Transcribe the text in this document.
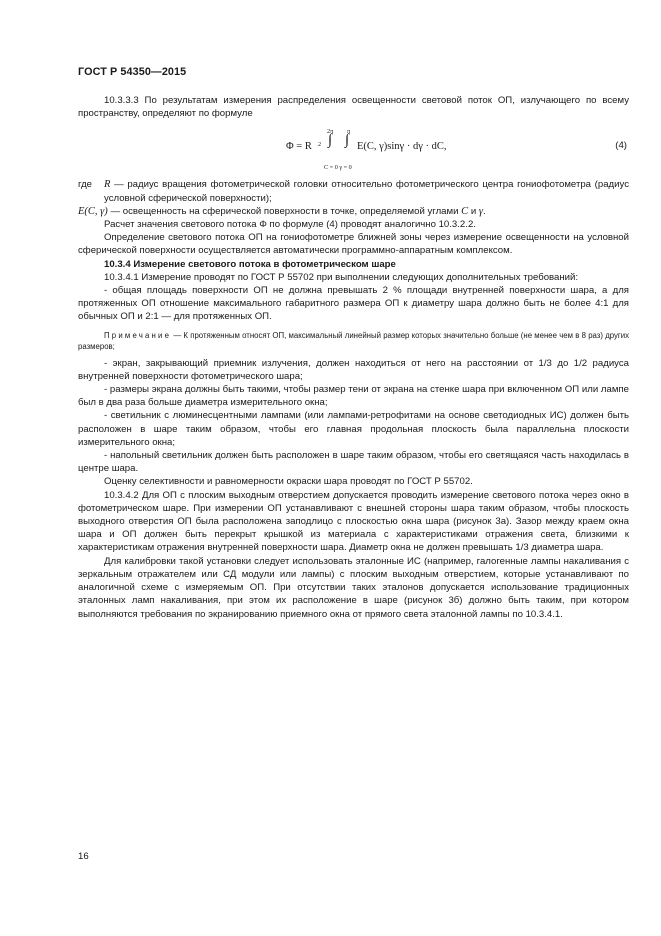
ГОСТ Р 54350—2015

10.3.3.3 По результатам измерения распределения освещенности световой поток ОП, излучающего по всему пространству, определяют по формуле

Φ = R 2
2π
∫
π
∫
C = 0 γ = 0
E(C, γ)sinγ · dγ · dC,	(4)
где R — радиус вращения фотометрической головки относительно фотометрического центра гониофотометра (радиус условной сферической поверхности);

E(C, γ) — освещенность на сферической поверхности в точке, определяемой углами C и γ.

Расчет значения светового потока Φ по формуле (4) проводят аналогично 10.3.2.2.

Определение светового потока ОП на гониофотометре ближней зоны через измерение освещенности на условной сферической поверхности осуществляется автоматически программно-аппаратным комплексом.

10.3.4 Измерение светового потока в фотометрическом шаре

10.3.4.1 Измерение проводят по ГОСТ Р 55702 при выполнении следующих дополнительных требований:

- общая площадь поверхности ОП не должна превышать 2 % площади внутренней поверхности шара, а для протяженных ОП отношение максимального габаритного размера ОП к диаметру шара должно быть не более 4:1 для обычных ОП и 2:1 — для протяженных ОП.

Примечание — К протяженным относят ОП, максимальный линейный размер которых значительно больше (не менее чем в 8 раз) других размеров;

- экран, закрывающий приемник излучения, должен находиться от него на расстоянии от 1/3 до 1/2 радиуса внутренней поверхности фотометрического шара;

- размеры экрана должны быть такими, чтобы размер тени от экрана на стенке шара при включенном ОП или лампе был в два раза больше диаметра измерительного окна;

- светильник с люминесцентными лампами (или лампами-ретрофитами на основе светодиодных ИС) должен быть расположен в шаре таким образом, чтобы его главная продольная плоскость была параллельна плоскости измерительного окна;

- напольный светильник должен быть расположен в шаре таким образом, чтобы его светящаяся часть находилась в центре шара.

Оценку селективности и равномерности окраски шара проводят по ГОСТ Р 55702.

10.3.4.2 Для ОП с плоским выходным отверстием допускается проводить измерение светового потока через окно в фотометрическом шаре. При измерении ОП устанавливают с внешней стороны шара таким образом, чтобы плоскость выходного отверстия ОП была расположена заподлицо с плоскостью окна шара (рисунок 3а). Зазор между краем окна шара и ОП должен быть перекрыт крышкой из материала с характеристиками отражения света, близкими к характеристикам отражения внутренней поверхности шара. Диаметр окна не должен превышать 1/3 диаметра шара.

Для калибровки такой установки следует использовать эталонные ИС (например, галогенные лампы накаливания с зеркальным отражателем или СД модули или лампы) с плоским выходным отверстием, которые устанавливают по аналогичной схеме с измеряемым ОП. При отсутствии таких эталонов допускается использование традиционных эталонных ламп накаливания, при этом их расположение в шаре (рисунок 3б) должно быть таким, при котором выполняются требования по экранированию приемного окна от прямого света эталонной лампы по 10.3.4.1.

16
